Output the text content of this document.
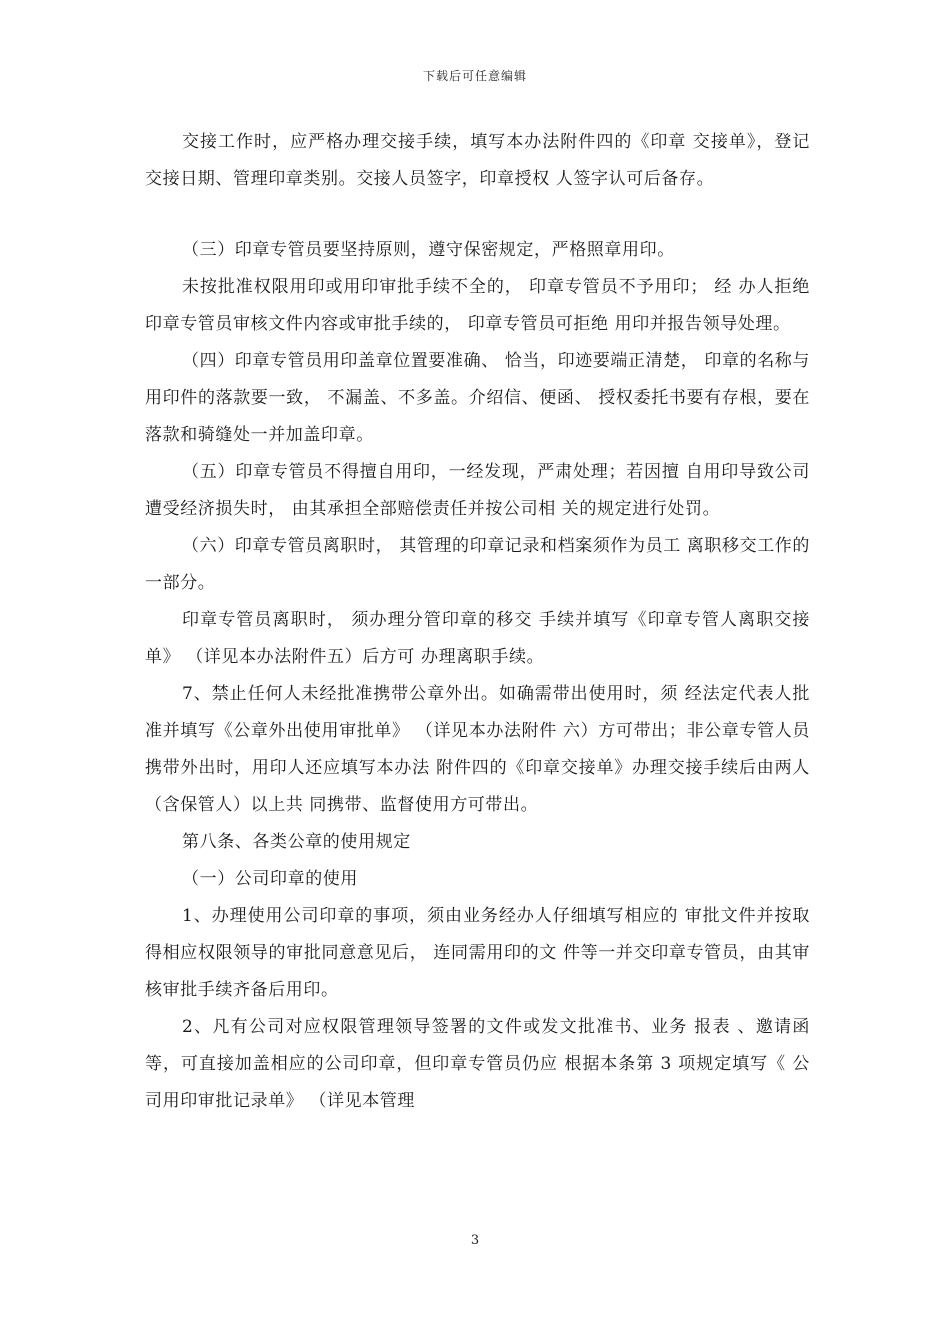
下载后可任意编辑

交接工作时，应严格办理交接手续，填写本办法附件四的《印章 交接单》，登记交接日期、管理印章类别。交接人员签字，印章授权 人签字认可后备存。

（三）印章专管员要坚持原则，遵守保密规定，严格照章用印。

未按批准权限用印或用印审批手续不全的， 印章专管员不予用印； 经 办人拒绝印章专管员审核文件内容或审批手续的， 印章专管员可拒绝 用印并报告领导处理。

（四）印章专管员用印盖章位置要准确、 恰当，印迹要端正清楚， 印章的名称与用印件的落款要一致， 不漏盖、不多盖。介绍信、便函、 授权委托书要有存根，要在落款和骑缝处一并加盖印章。

（五）印章专管员不得擅自用印，一经发现，严肃处理；若因擅 自用印导致公司遭受经济损失时， 由其承担全部赔偿责任并按公司相 关的规定进行处罚。

（六）印章专管员离职时， 其管理的印章记录和档案须作为员工 离职移交工作的一部分。

印章专管员离职时， 须办理分管印章的移交 手续并填写《印章专管人离职交接单》 （详见本办法附件五）后方可 办理离职手续。

7、禁止任何人未经批准携带公章外出。如确需带出使用时，须 经法定代表人批准并填写《公章外出使用审批单》 （详见本办法附件 六）方可带出；非公章专管人员携带外出时，用印人还应填写本办法 附件四的《印章交接单》办理交接手续后由两人（含保管人）以上共 同携带、监督使用方可带出。

第八条、各类公章的使用规定

（一）公司印章的使用

1、办理使用公司印章的事项，须由业务经办人仔细填写相应的 审批文件并按取得相应权限领导的审批同意意见后， 连同需用印的文 件等一并交印章专管员，由其审核审批手续齐备后用印。

2、凡有公司对应权限管理领导签署的文件或发文批准书、业务 报表 、邀请函等，可直接加盖相应的公司印章，但印章专管员仍应 根据本条第 3 项规定填写《 公司用印审批记录单》 （详见本管理

3
